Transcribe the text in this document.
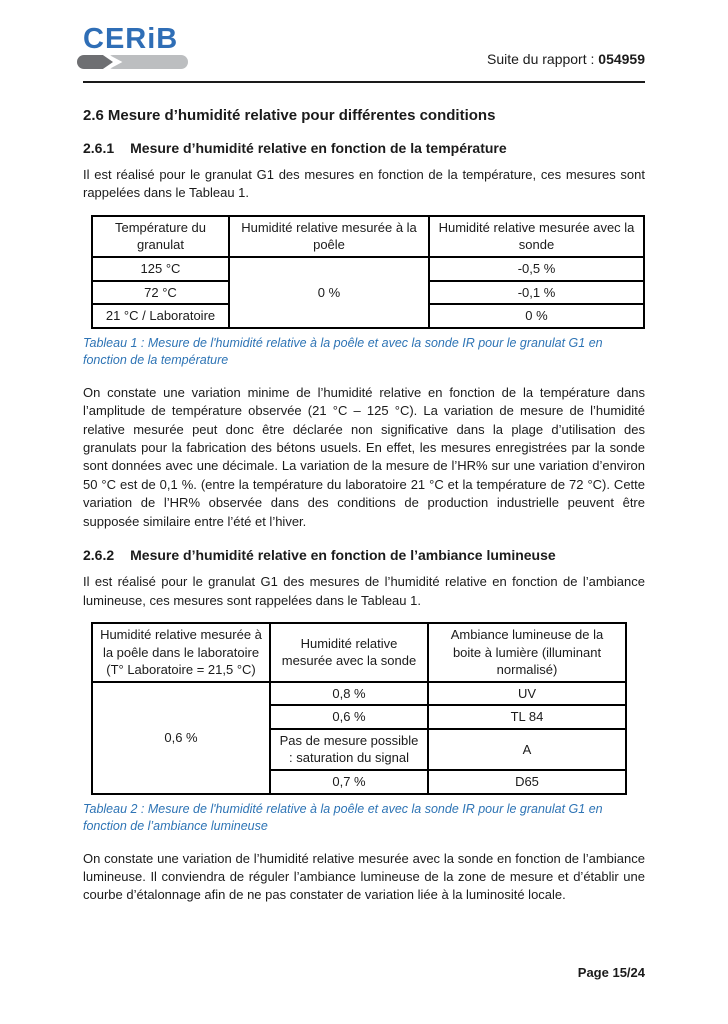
CERiB
Suite du rapport : 054959
2.6 Mesure d’humidité relative pour différentes conditions
2.6.1 Mesure d’humidité relative en fonction de la température

Il est réalisé pour le granulat G1 des mesures en fonction de la température, ces mesures sont rappelées dans le Tableau 1.

Température du granulat	Humidité relative mesurée à la poêle	Humidité relative mesurée avec la sonde
125 °C	0 %	-0,5 %
72 °C		-0,1 %
21 °C / Laboratoire		0 %
Tableau 1 : Mesure de l'humidité relative à la poêle et avec la sonde IR pour le granulat G1 en fonction de la température

On constate une variation minime de l’humidité relative en fonction de la température dans l’amplitude de température observée (21 °C – 125 °C). La variation de mesure de l’humidité relative mesurée peut donc être déclarée non significative dans la plage d’utilisation des granulats pour la fabrication des bétons usuels. En effet, les mesures enregistrées par la sonde sont données avec une décimale. La variation de la mesure de l’HR% sur une variation d’environ 50 °C est de 0,1 %. (entre la température du laboratoire 21 °C et la température de 72 °C). Cette variation de l’HR% observée dans des conditions de production industrielle peuvent être supposée similaire entre l’été et l’hiver.

2.6.2 Mesure d’humidité relative en fonction de l’ambiance lumineuse

Il est réalisé pour le granulat G1 des mesures de l’humidité relative en fonction de l’ambiance lumineuse, ces mesures sont rappelées dans le Tableau 1.

Humidité relative mesurée à la poêle dans le laboratoire
(T° Laboratoire = 21,5 °C)	Humidité relative mesurée avec la sonde	Ambiance lumineuse de la boite à lumière (illuminant normalisé)
0,6 %	0,8 %	UV
	0,6 %	TL 84
	Pas de mesure possible : saturation du signal	A
	0,7 %	D65
Tableau 2 : Mesure de l'humidité relative à la poêle et avec la sonde IR pour le granulat G1 en fonction de l’ambiance lumineuse

On constate une variation de l’humidité relative mesurée avec la sonde en fonction de l’ambiance lumineuse. Il conviendra de réguler l’ambiance lumineuse de la zone de mesure et d’établir une courbe d’étalonnage afin de ne pas constater de variation liée à la luminosité locale.

Page 15/24
